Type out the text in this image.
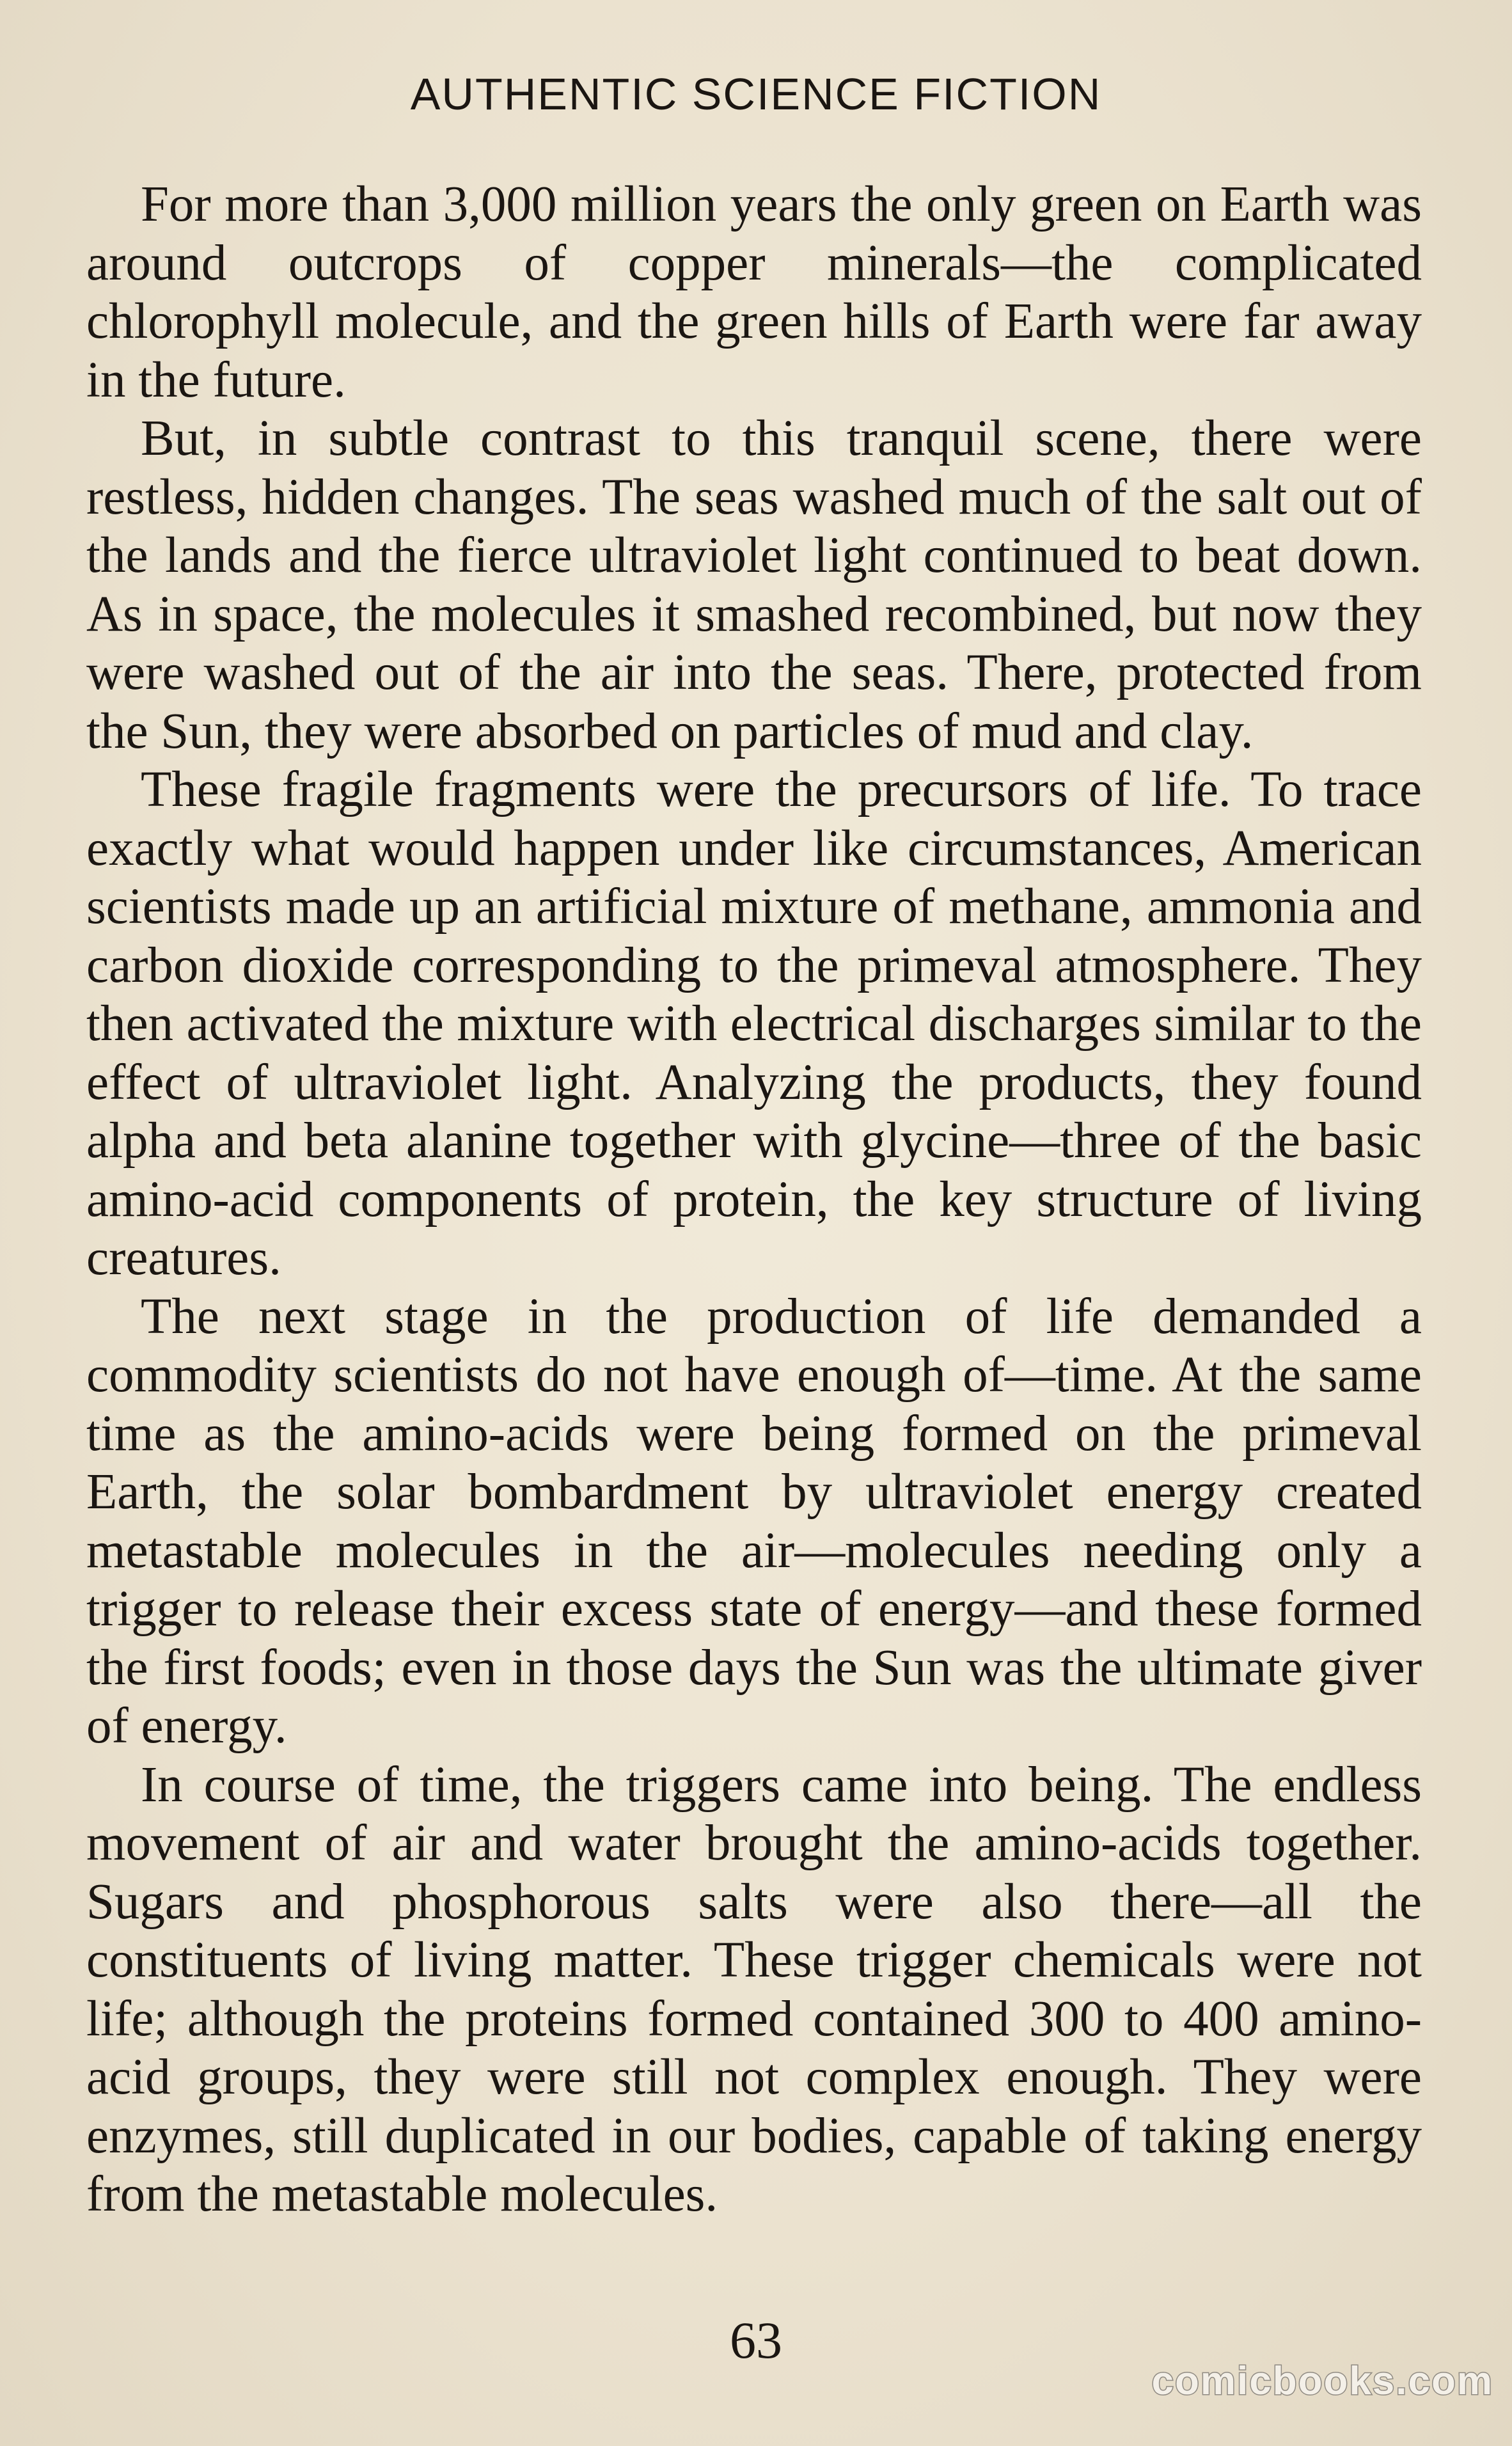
AUTHENTIC SCIENCE FICTION

For more than 3,000 million years the only green on Earth was around outcrops of copper minerals—the complicated chlorophyll molecule, and the green hills of Earth were far away in the future.

But, in subtle contrast to this tranquil scene, there were restless, hidden changes. The seas washed much of the salt out of the lands and the fierce ultraviolet light continued to beat down. As in space, the molecules it smashed recombined, but now they were washed out of the air into the seas. There, protected from the Sun, they were absorbed on particles of mud and clay.

These fragile fragments were the precursors of life. To trace exactly what would happen under like circumstances, American scientists made up an artificial mixture of methane, ammonia and carbon dioxide corresponding to the primeval atmosphere. They then activated the mixture with electrical discharges similar to the effect of ultraviolet light. Analyzing the products, they found alpha and beta alanine together with glycine—three of the basic amino-acid components of protein, the key structure of living creatures.

The next stage in the production of life demanded a commodity scientists do not have enough of—time. At the same time as the amino-acids were being formed on the primeval Earth, the solar bombardment by ultraviolet energy created metastable molecules in the air—molecules needing only a trigger to release their excess state of energy—and these formed the first foods; even in those days the Sun was the ultimate giver of energy.

In course of time, the triggers came into being. The endless movement of air and water brought the amino-acids together. Sugars and phosphorous salts were also there—all the constituents of living matter. These trigger chemicals were not life; although the proteins formed contained 300 to 400 amino-acid groups, they were still not complex enough. They were enzymes, still duplicated in our bodies, capable of taking energy from the metastable molecules.

63
comicbooks.com
